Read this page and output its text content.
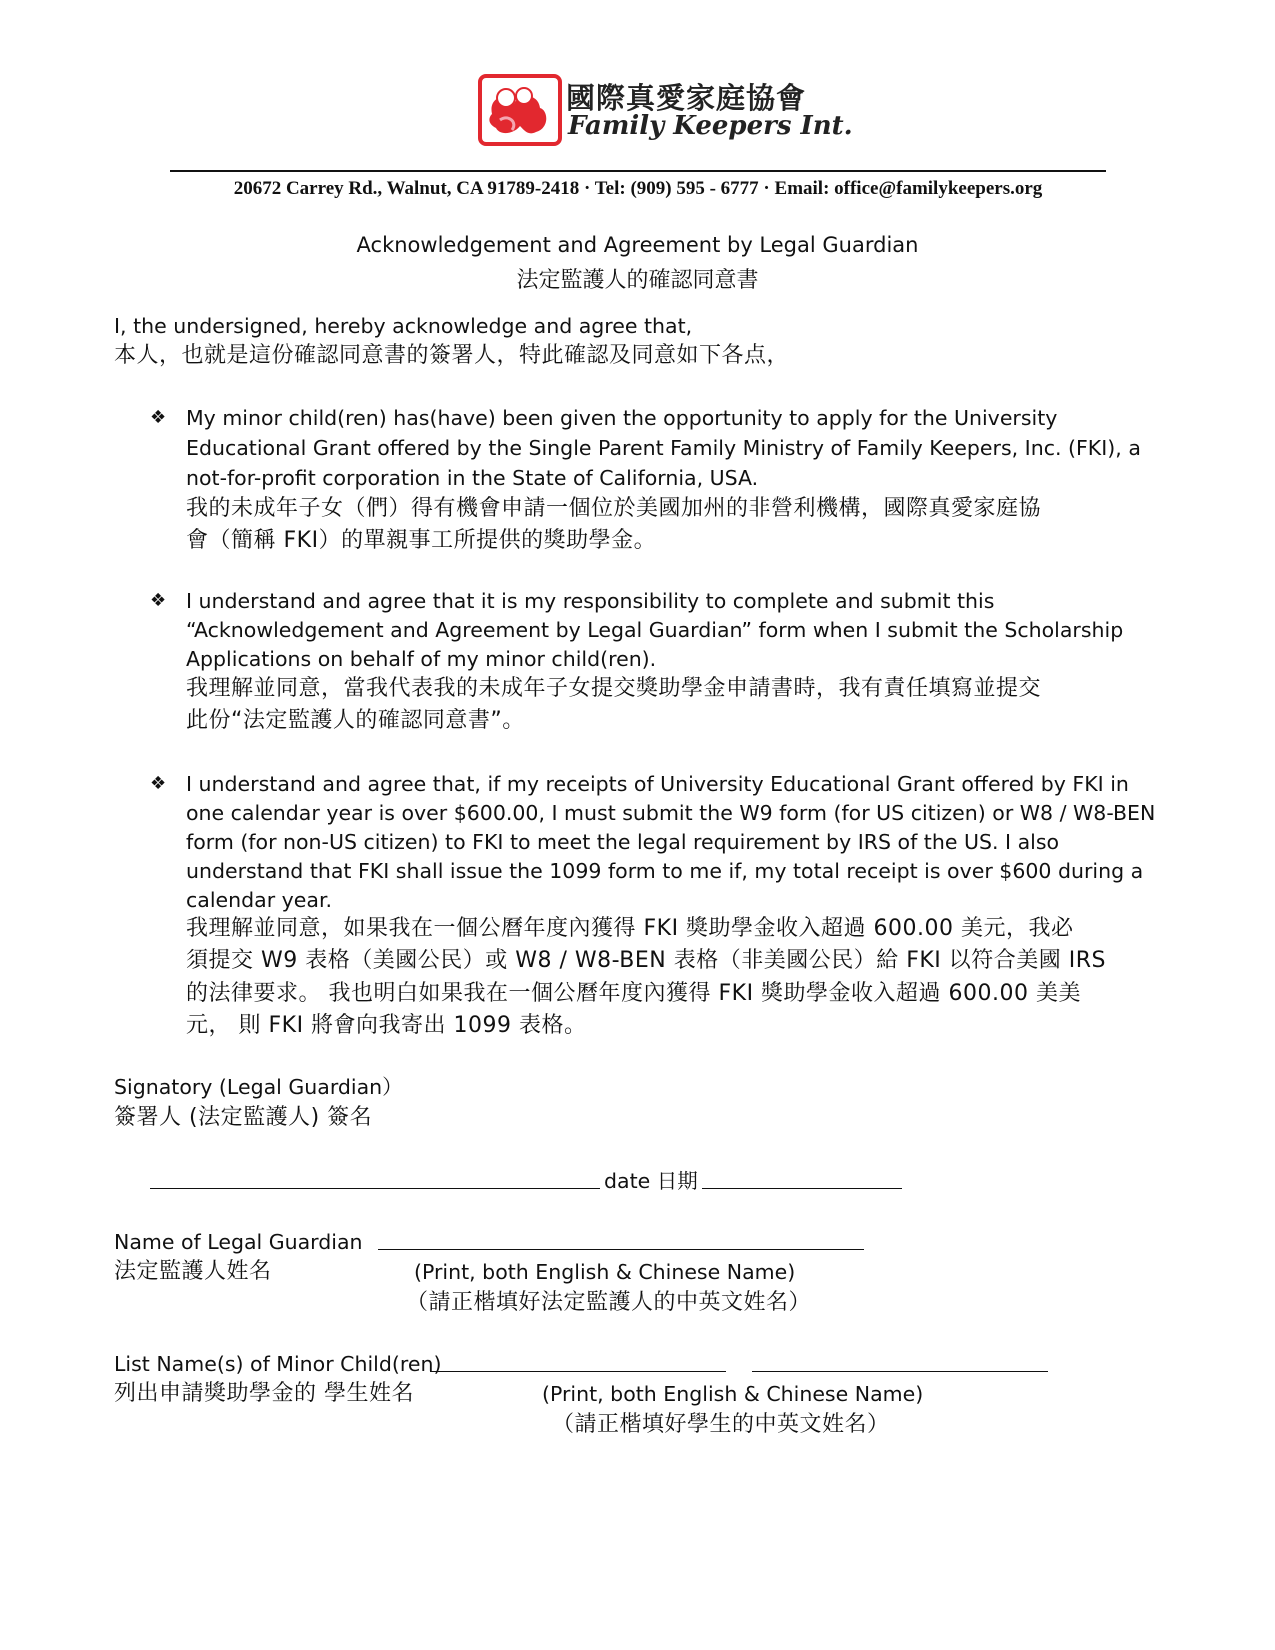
國際真愛家庭協會
Family Keepers Int.
20672 Carrey Rd., Walnut, CA 91789-2418 · Tel: (909) 595 - 6777 · Email: office@familykeepers.org
Acknowledgement and Agreement by Legal Guardian
法定監護人的確認同意書
I, the undersigned, hereby acknowledge and agree that,
本人，也就是這份確認同意書的簽署人，特此確認及同意如下各点，
❖ My minor child(ren) has(have) been given the opportunity to apply for the University
Educational Grant offered by the Single Parent Family Ministry of Family Keepers, Inc. (FKI), a
not-for-profit corporation in the State of California, USA.
我的未成年子女（們）得有機會申請一個位於美國加州的非營利機構，國際真愛家庭協
會（簡稱 FKI）的單親事工所提供的獎助學金。
❖ I understand and agree that it is my responsibility to complete and submit this
“Acknowledgement and Agreement by Legal Guardian” form when I submit the Scholarship
Applications on behalf of my minor child(ren).
我理解並同意，當我代表我的未成年子女提交獎助學金申請書時，我有責任填寫並提交
此份“法定監護人的確認同意書”。
❖ I understand and agree that, if my receipts of University Educational Grant offered by FKI in
one calendar year is over $600.00, I must submit the W9 form (for US citizen) or W8 / W8-BEN
form (for non-US citizen) to FKI to meet the legal requirement by IRS of the US. I also
understand that FKI shall issue the 1099 form to me if, my total receipt is over $600 during a
calendar year.
我理解並同意，如果我在一個公曆年度內獲得 FKI 獎助學金收入超過 600.00 美元，我必
須提交 W9 表格（美國公民）或 W8 / W8-BEN 表格（非美國公民）給 FKI 以符合美國 IRS
的法律要求。 我也明白如果我在一個公曆年度內獲得 FKI 獎助學金收入超過 600.00 美美
元， 則 FKI 將會向我寄出 1099 表格。
Signatory (Legal Guardian）
簽署人 (法定監護人) 簽名
date 日期
Name of Legal Guardian
法定監護人姓名	(Print, both English & Chinese Name)
（請正楷填好法定監護人的中英文姓名）
List Name(s) of Minor Child(ren)
列出申請獎助學金的 學生姓名	(Print, both English & Chinese Name)
（請正楷填好學生的中英文姓名）
